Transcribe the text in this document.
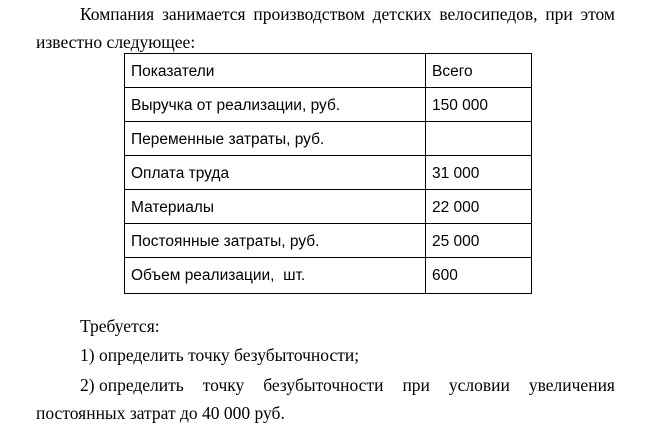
Компания занимается производством детских велосипедов, при этом
известно следующее:
Показатели	Всего
Выручка от реализации, руб.	150 000
Переменные затраты, руб.	
Оплата труда	31 000
Материалы	22 000
Постоянные затраты, руб.	25 000
Объем реализации,  шт.	600
Требуется:
1) определить точку безубыточности;
2) определить точку безубыточности при условии увеличения
постоянных затрат до 40 000 руб.
